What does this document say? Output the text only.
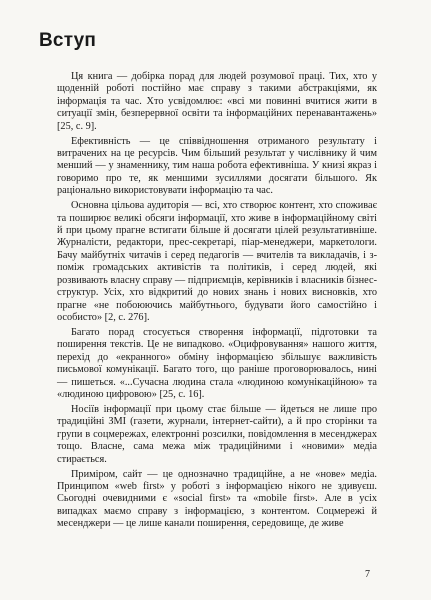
Вступ

Ця книга — добірка порад для людей розумової праці. Тих, хто у щоденній роботі постійно має справу з такими абстракціями, як інформація та час. Хто усвідомлює: «всі ми повинні вчитися жити в ситуації змін, безперервної освіти та інформаційних перенавантажень» [25, с. 9].

Ефективність — це співвідношення отриманого результату і витрачених на це ресурсів. Чим більший результат у числівнику й чим менший — у знаменнику, тим наша робота ефективніша. У книзі якраз і говоримо про те, як меншими зусиллями досягати більшого. Як раціонально використовувати інформацію та час.

Основна цільова аудиторія — всі, хто створює контент, хто споживає та поширює великі обсяги інформації, хто живе в інформаційному світі й при цьому прагне встигати більше й досягати цілей результативніше. Журналісти, редактори, прес-секретарі, піар-менеджери, маркетологи. Бачу майбутніх читачів і серед педагогів — вчителів та викладачів, і з-поміж громадських активістів та політиків, і серед людей, які розвивають власну справу — підприємців, керівників і власників бізнес-структур. Усіх, хто відкритий до нових знань і нових висновків, хто прагне «не побоюючись майбутнього, будувати його самостійно і особисто» [2, с. 276].

Багато порад стосується створення інформації, підготовки та поширення текстів. Це не випадково. «Оцифровування» нашого життя, перехід до «екранного» обміну інформацією збільшує важливість письмової комунікації. Багато того, що раніше проговорювалось, нині — пишеться. «...Сучасна людина стала «людиною комунікаційною» та «людиною цифровою» [25, с. 16].

Носіїв інформації при цьому стає більше — йдеться не лише про традиційні ЗМІ (газети, журнали, інтернет-сайти), а й про сторінки та групи в соцмережах, електронні розсилки, повідомлення в месенджерах тощо. Власне, сама межа між традиційними і «новими» медіа стирається.

Приміром, сайт — це однозначно традиційне, а не «нове» медіа. Принципом «web first» у роботі з інформацією нікого не здивуєш. Сьогодні очевидними є «social first» та «mobile first». Але в усіх випадках маємо справу з інформацією, з контентом. Соцмережі й месенджери — це лише канали поширення, середовище, де живе

7
